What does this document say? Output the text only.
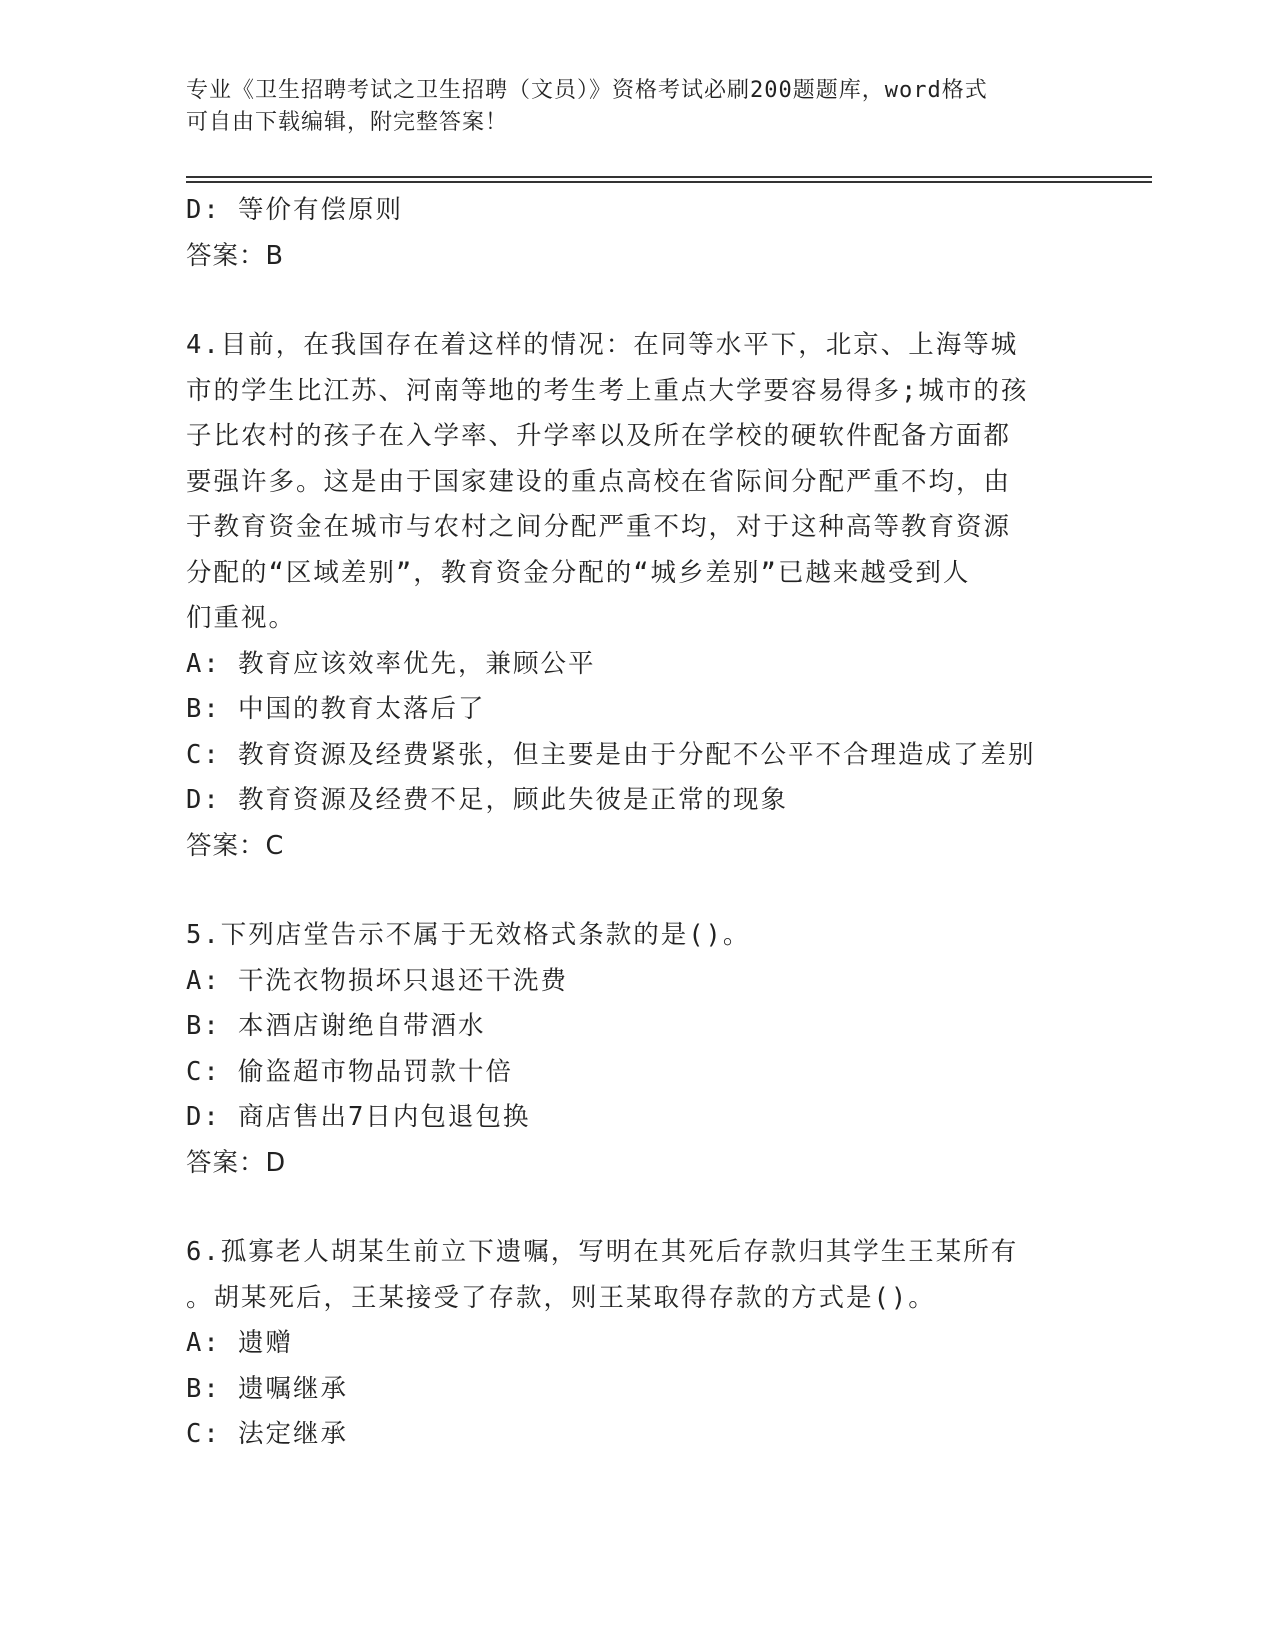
专业《卫生招聘考试之卫生招聘（文员）》资格考试必刷200题题库，word格式
可自由下载编辑，附完整答案！
D: 等价有偿原则
答案：B
4.目前，在我国存在着这样的情况：在同等水平下，北京、上海等城
市的学生比江苏、河南等地的考生考上重点大学要容易得多;城市的孩
子比农村的孩子在入学率、升学率以及所在学校的硬软件配备方面都
要强许多。这是由于国家建设的重点高校在省际间分配严重不均，由
于教育资金在城市与农村之间分配严重不均，对于这种高等教育资源
分配的“区域差别”，教育资金分配的“城乡差别”已越来越受到人
们重视。
A: 教育应该效率优先，兼顾公平
B: 中国的教育太落后了
C: 教育资源及经费紧张，但主要是由于分配不公平不合理造成了差别
D: 教育资源及经费不足，顾此失彼是正常的现象
答案：C
5.下列店堂告示不属于无效格式条款的是()。
A: 干洗衣物损坏只退还干洗费
B: 本酒店谢绝自带酒水
C: 偷盗超市物品罚款十倍
D: 商店售出7日内包退包换
答案：D
6.孤寡老人胡某生前立下遗嘱，写明在其死后存款归其学生王某所有
。胡某死后，王某接受了存款，则王某取得存款的方式是()。
A: 遗赠
B: 遗嘱继承
C: 法定继承
